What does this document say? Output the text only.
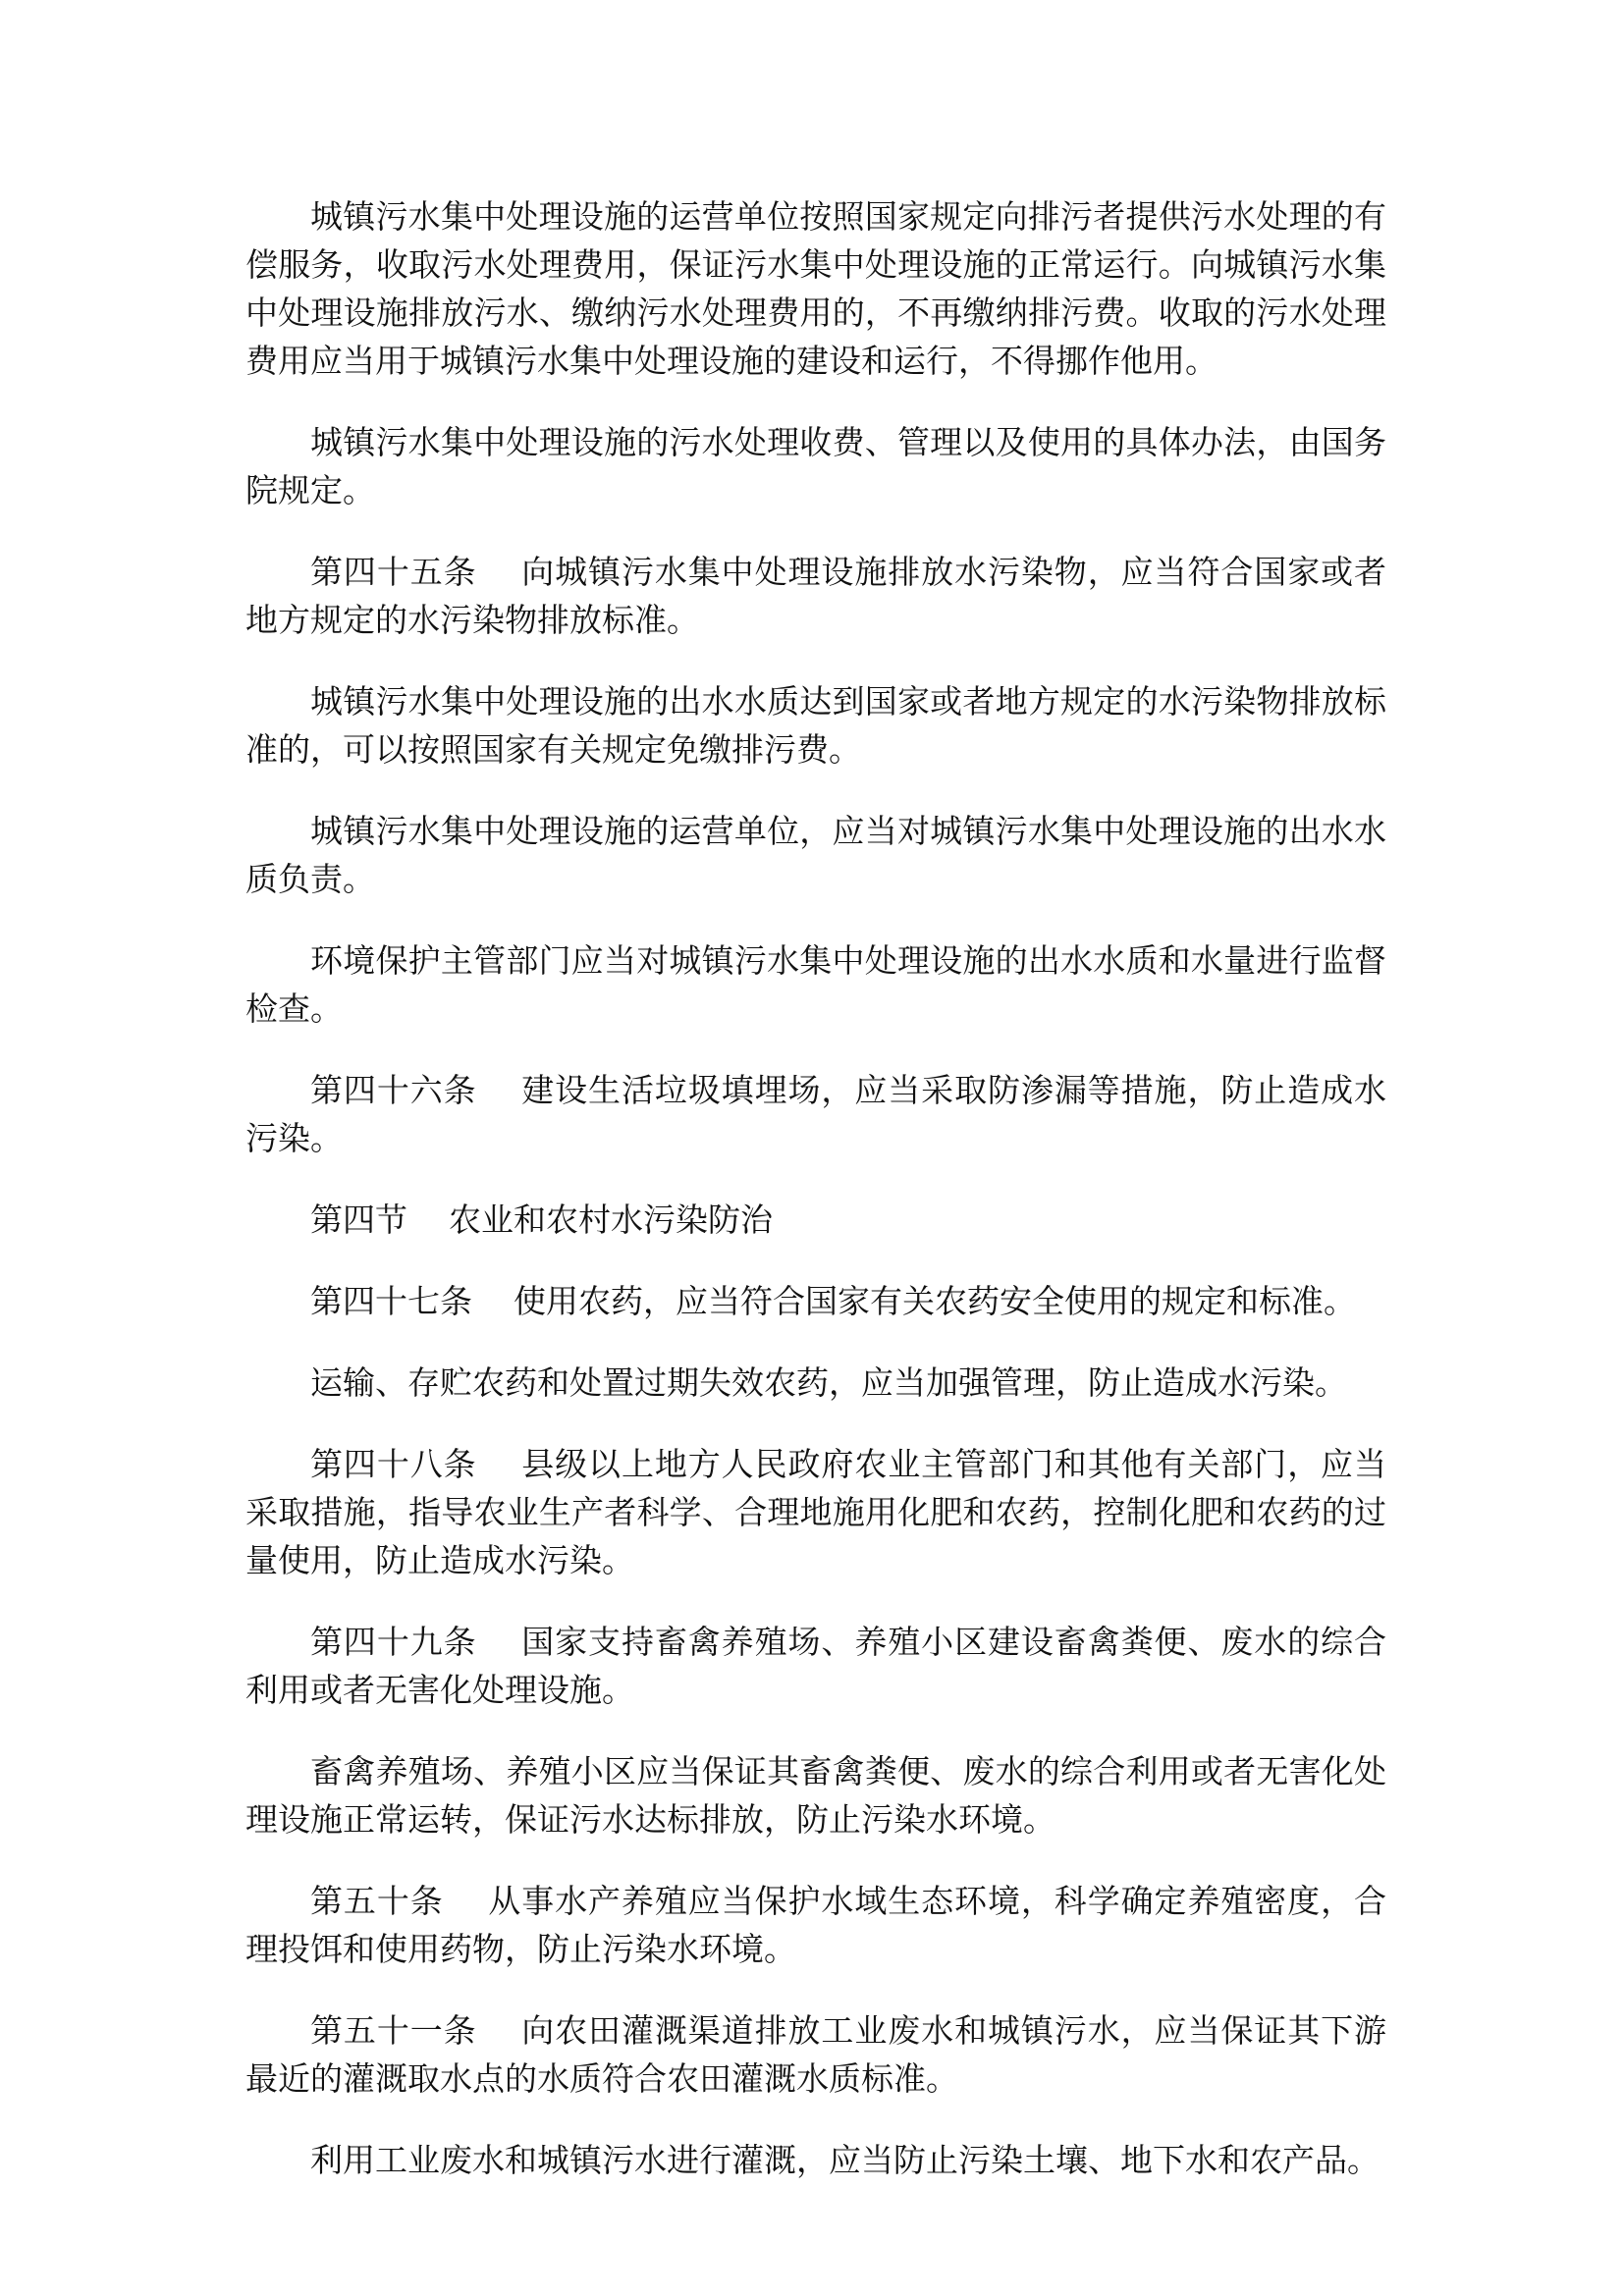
城镇污水集中处理设施的运营单位按照国家规定向排污者提供污水处理的有偿服务，收取污水处理费用，保证污水集中处理设施的正常运行。向城镇污水集中处理设施排放污水、缴纳污水处理费用的，不再缴纳排污费。收取的污水处理费用应当用于城镇污水集中处理设施的建设和运行，不得挪作他用。

城镇污水集中处理设施的污水处理收费、管理以及使用的具体办法，由国务院规定。

第四十五条 向城镇污水集中处理设施排放水污染物，应当符合国家或者地方规定的水污染物排放标准。

城镇污水集中处理设施的出水水质达到国家或者地方规定的水污染物排放标准的，可以按照国家有关规定免缴排污费。

城镇污水集中处理设施的运营单位，应当对城镇污水集中处理设施的出水水质负责。

环境保护主管部门应当对城镇污水集中处理设施的出水水质和水量进行监督检查。

第四十六条 建设生活垃圾填埋场，应当采取防渗漏等措施，防止造成水污染。

第四节 农业和农村水污染防治

第四十七条 使用农药，应当符合国家有关农药安全使用的规定和标准。

运输、存贮农药和处置过期失效农药，应当加强管理，防止造成水污染。

第四十八条 县级以上地方人民政府农业主管部门和其他有关部门，应当采取措施，指导农业生产者科学、合理地施用化肥和农药，控制化肥和农药的过量使用，防止造成水污染。

第四十九条 国家支持畜禽养殖场、养殖小区建设畜禽粪便、废水的综合利用或者无害化处理设施。

畜禽养殖场、养殖小区应当保证其畜禽粪便、废水的综合利用或者无害化处理设施正常运转，保证污水达标排放，防止污染水环境。

第五十条 从事水产养殖应当保护水域生态环境，科学确定养殖密度，合理投饵和使用药物，防止污染水环境。

第五十一条 向农田灌溉渠道排放工业废水和城镇污水，应当保证其下游最近的灌溉取水点的水质符合农田灌溉水质标准。

利用工业废水和城镇污水进行灌溉，应当防止污染土壤、地下水和农产品。
